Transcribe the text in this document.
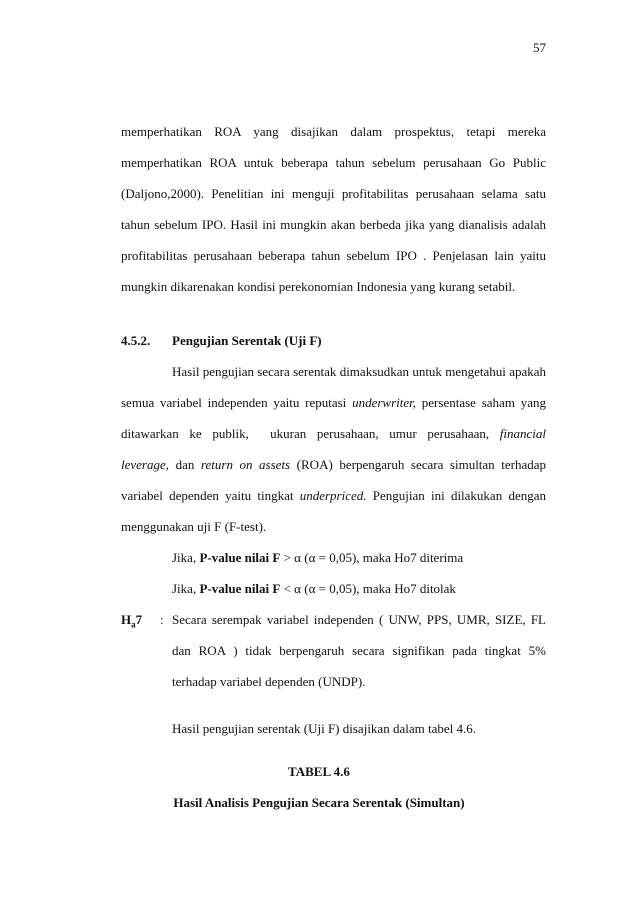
57
memperhatikan ROA yang disajikan dalam prospektus, tetapi mereka
memperhatikan ROA untuk beberapa tahun sebelum perusahaan Go Public
(Daljono,2000). Penelitian ini menguji profitabilitas perusahaan selama satu
tahun sebelum IPO. Hasil ini mungkin akan berbeda jika yang dianalisis adalah
profitabilitas perusahaan beberapa tahun sebelum IPO . Penjelasan lain yaitu
mungkin dikarenakan kondisi perekonomian Indonesia yang kurang setabil.
4.5.2. Pengujian Serentak (Uji F)
Hasil pengujian secara serentak dimaksudkan untuk mengetahui apakah
semua variabel independen yaitu reputasi underwriter, persentase saham yang
ditawarkan ke publik,  ukuran perusahaan, umur perusahaan, financial
leverage, dan return on assets (ROA) berpengaruh secara simultan terhadap
variabel dependen yaitu tingkat underpriced. Pengujian ini dilakukan dengan
menggunakan uji F (F-test).
Jika, P-value nilai F > α (α = 0,05), maka Ho7 diterima
Jika, P-value nilai F < α (α = 0,05), maka Ho7 ditolak
$H_a7$ : Secara serempak variabel independen ( UNW, PPS, UMR, SIZE, FL
dan ROA ) tidak berpengaruh secara signifikan pada tingkat 5%
terhadap variabel dependen (UNDP).
Hasil pengujian serentak (Uji F) disajikan dalam tabel 4.6.
TABEL 4.6
Hasil Analisis Pengujian Secara Serentak (Simultan)
